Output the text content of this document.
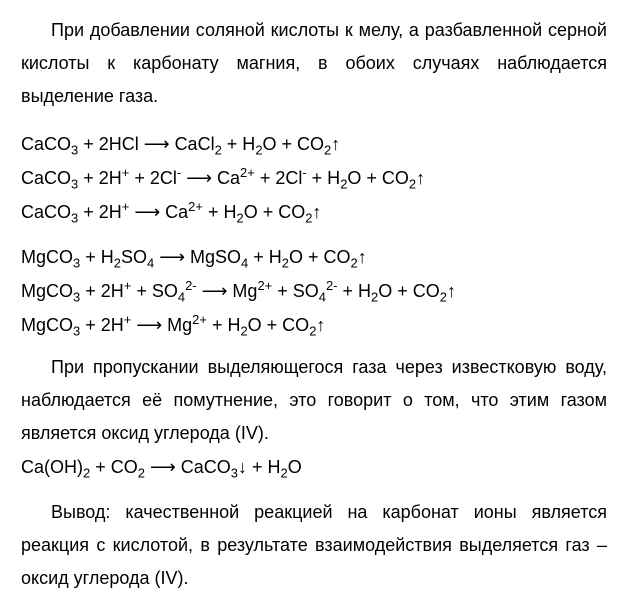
При добавлении соляной кислоты к мелу, а разбавленной серной кислоты к карбонату магния, в обоих случаях наблюдается выделение газа.

CaCO$_3$ + 2HCl ⟶ CaCl$_2$ + $H_2O$ + $CO_2↑$
CaCO$_3$ + 2H+ + 2Cl- ⟶ $Ca^{2+} + 2Cl^- + H_2O$ + $CO_2↑$
CaCO$_3$ + 2H+ ⟶ $Ca^{2+} + H_2O$ + $CO_2↑$
MgCO$_3$ + $H_2SO_4$ ⟶ MgSO$_4$ + $H_2O$ + $CO_2↑$
MgCO$_3$ + $2H^+ + SO_4^{2-}$ ⟶ $Mg^{2+} + SO_4^{2-} + H_2O$ + $CO_2↑$
MgCO$_3$ + 2H+ ⟶ $Mg^{2+} + H_2O$ + $CO_2↑$

При пропускании выделяющегося газа через известковую воду, наблюдается её помутнение, это говорит о том, что этим газом является оксид углерода (IV).

$Ca(OH)_2 + CO_2$ ⟶ CaCO$_3$↓ + $H_2O$

Вывод: качественной реакцией на карбонат ионы является реакция с кислотой, в результате взаимодействия выделяется газ – оксид углерода (IV).
